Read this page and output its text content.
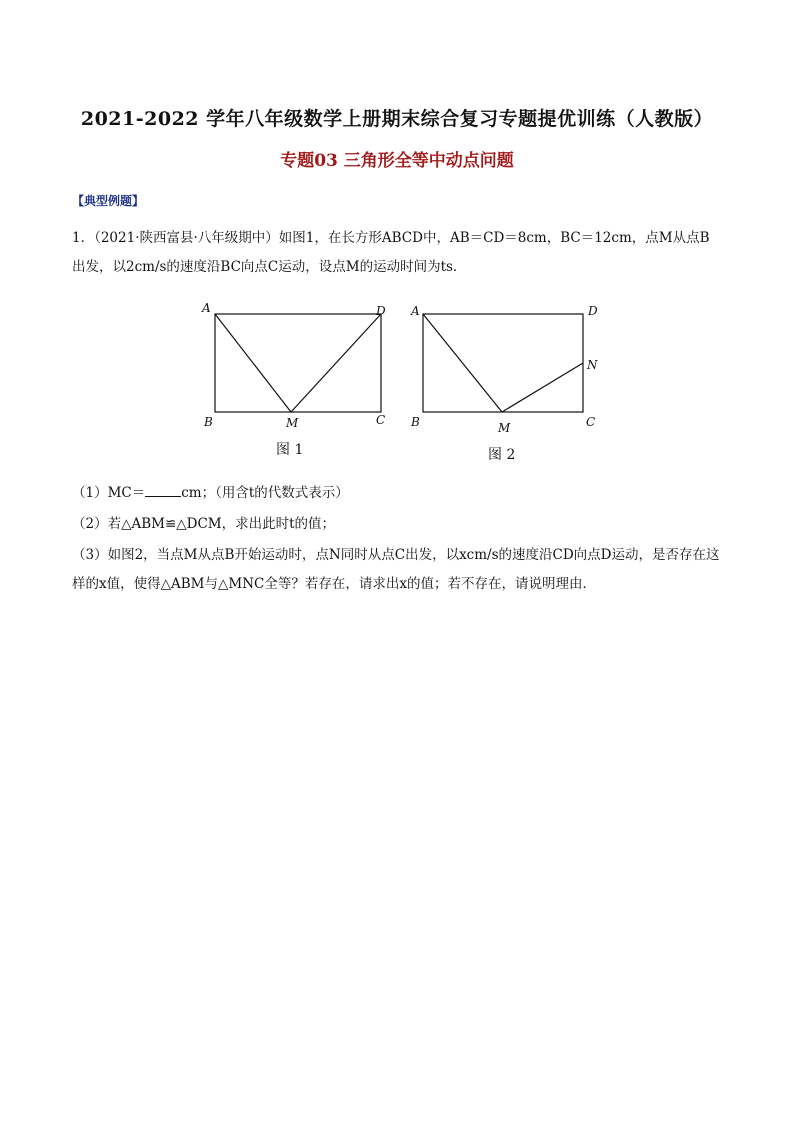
2021-2022 学年八年级数学上册期末综合复习专题提优训练（人教版）
专题03 三角形全等中动点问题
【典型例题】
1．（2021·陕西富县·八年级期中）如图1，在长方形ABCD中，AB＝CD＝8cm，BC＝12cm，点M从点B出发，以2cm/s的速度沿BC向点C运动，设点M的运动时间为ts．
A	D
B	C
M
图 1
A	D
N
B	C
M
图 2
（1）MC＝	cm；（用含t的代数式表示）
（2）若△ABM≌△DCM，求出此时t的值；
（3）如图2，当点M从点B开始运动时，点N同时从点C出发，以xcm/s的速度沿CD向点D运动，是否存在这样的x值，使得△ABM与△MNC全等？若存在，请求出x的值；若不存在，请说明理由．
